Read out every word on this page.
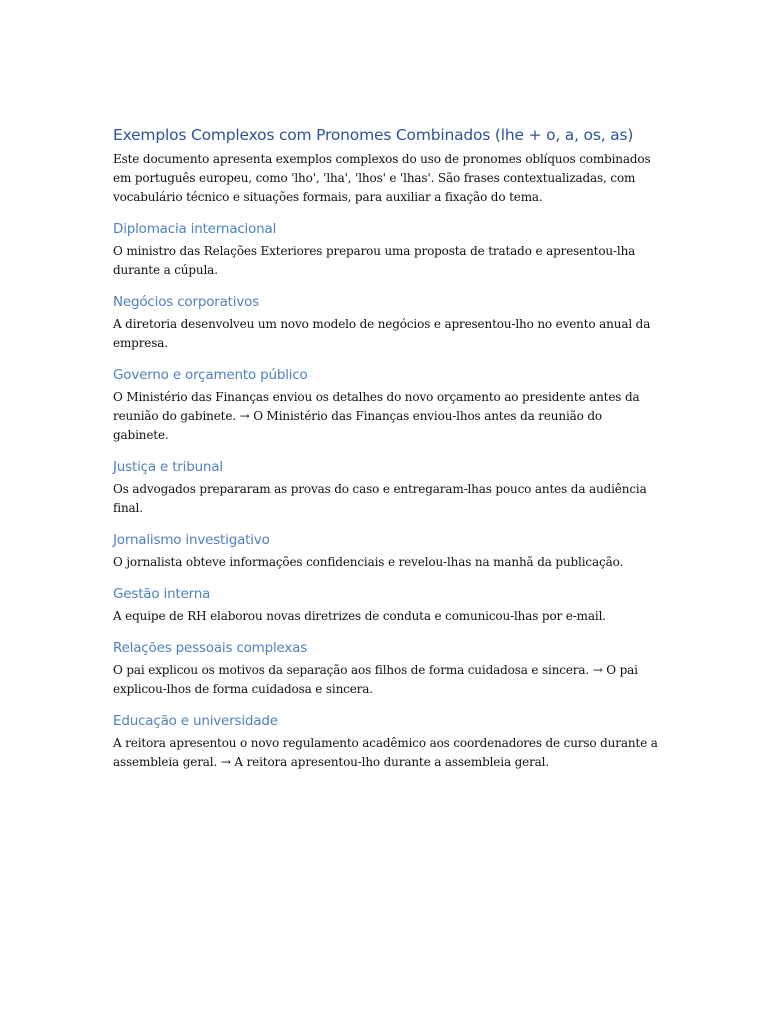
Exemplos Complexos com Pronomes Combinados (lhe + o, a, os, as)

Este documento apresenta exemplos complexos do uso de pronomes oblíquos combinados em português europeu, como 'lho', 'lha', 'lhos' e 'lhas'. São frases contextualizadas, com vocabulário técnico e situações formais, para auxiliar a fixação do tema.

Diplomacia internacional

O ministro das Relações Exteriores preparou uma proposta de tratado e apresentou-lha durante a cúpula.

Negócios corporativos

A diretoria desenvolveu um novo modelo de negócios e apresentou-lho no evento anual da empresa.

Governo e orçamento público

O Ministério das Finanças enviou os detalhes do novo orçamento ao presidente antes da reunião do gabinete. → O Ministério das Finanças enviou-lhos antes da reunião do gabinete.

Justiça e tribunal

Os advogados prepararam as provas do caso e entregaram-lhas pouco antes da audiência final.

Jornalismo investigativo

O jornalista obteve informações confidenciais e revelou-lhas na manhã da publicação.

Gestão interna

A equipe de RH elaborou novas diretrizes de conduta e comunicou-lhas por e-mail.

Relações pessoais complexas

O pai explicou os motivos da separação aos filhos de forma cuidadosa e sincera. → O pai explicou-lhos de forma cuidadosa e sincera.

Educação e universidade

A reitora apresentou o novo regulamento acadêmico aos coordenadores de curso durante a assembleia geral. → A reitora apresentou-lho durante a assembleia geral.
